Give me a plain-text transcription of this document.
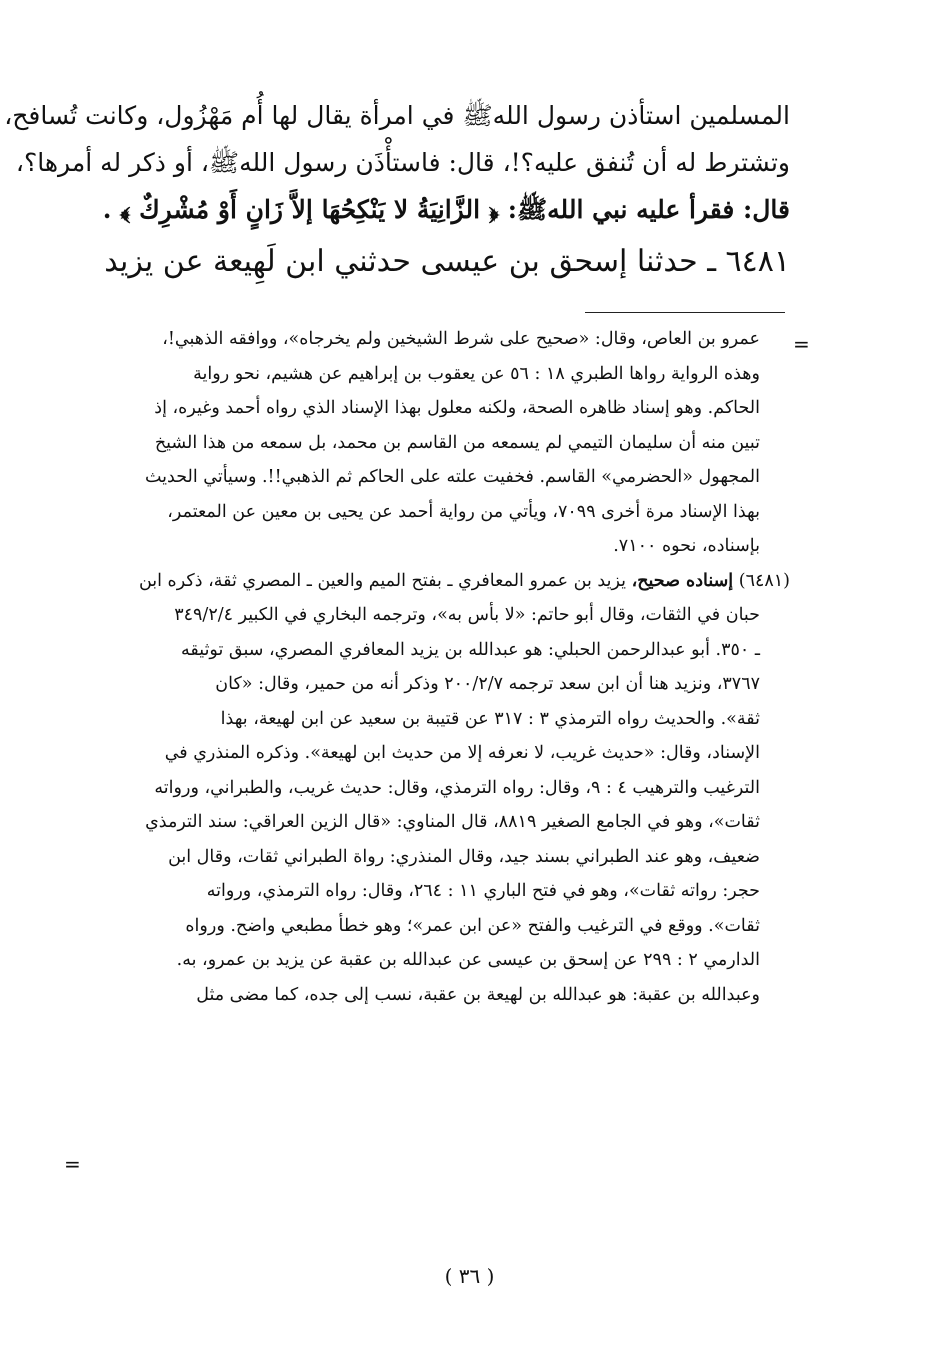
المسلمين استأذن رسول اللهﷺ في امرأة يقال لها أُم مَهْزُول، وكانت تُسافح،
وتشترط له أن تُنفق عليه؟!، قال: فاستأْذَن رسول اللهﷺ، أو ذكر له أمرها؟،
قال: فقرأ عليه نبي اللهﷺ: ﴿ الزَّانِيَةُ لا يَنْكِحُهَا إلاَّ زَانٍ أَوْ مُشْرِكٌ ﴾ .
٦٤٨١ ـ حدثنا إسحق بن عيسى حدثني ابن لَهِيعة عن يزيد
=
عمرو بن العاص، وقال: «صحيح على شرط الشيخين ولم يخرجاه»، ووافقه الذهبي!،
وهذه الرواية رواها الطبري ١٨ : ٥٦ عن يعقوب بن إبراهيم عن هشيم، نحو رواية
الحاكم. وهو إسناد ظاهره الصحة، ولكنه معلول بهذا الإسناد الذي رواه أحمد وغيره، إذ
تبين منه أن سليمان التيمي لم يسمعه من القاسم بن محمد، بل سمعه من هذا الشيخ
المجهول «الحضرمي» القاسم. فخفيت علته على الحاكم ثم الذهبي!!. وسيأتي الحديث
بهذا الإسناد مرة أخرى ٧٠٩٩، ويأتي من رواية أحمد عن يحيى بن معين عن المعتمر،
بإسناده، نحوه ٧١٠٠.
(٦٤٨١) إسناده صحيح، يزيد بن عمرو المعافري ـ بفتح الميم والعين ـ المصري ثقة، ذكره ابن
حبان في الثقات، وقال أبو حاتم: «لا بأس به»، وترجمه البخاري في الكبير ٣٤٩/٢/٤
ـ ٣٥٠. أبو عبدالرحمن الحبلي: هو عبدالله بن يزيد المعافري المصري، سبق توثيقه
٣٧٦٧، ونزيد هنا أن ابن سعد ترجمه ٢٠٠/٢/٧ وذكر أنه من حمير، وقال: «كان
ثقة». والحديث رواه الترمذي ٣ : ٣١٧ عن قتيبة بن سعيد عن ابن لهيعة، بهذا
الإسناد، وقال: «حديث غريب، لا نعرفه إلا من حديث ابن لهيعة». وذكره المنذري في
الترغيب والترهيب ٤ : ٩، وقال: رواه الترمذي، وقال: حديث غريب، والطبراني، ورواته
ثقات»، وهو في الجامع الصغير ٨٨١٩، قال المناوي: «قال الزين العراقي: سند الترمذي
ضعيف، وهو عند الطبراني بسند جيد، وقال المنذري: رواة الطبراني ثقات، وقال ابن
حجر: رواته ثقات»، وهو في فتح الباري ١١ : ٢٦٤، وقال: رواه الترمذي، ورواته
ثقات». ووقع في الترغيب والفتح «عن ابن عمر»؛ وهو خطأ مطبعي واضح. ورواه
الدارمي ٢ : ٢٩٩ عن إسحق بن عيسى عن عبدالله بن عقبة عن يزيد بن عمرو، به.
وعبدالله بن عقبة: هو عبدالله بن لهيعة بن عقبة، نسب إلى جده، كما مضى مثل
=
( ٣٦ )
